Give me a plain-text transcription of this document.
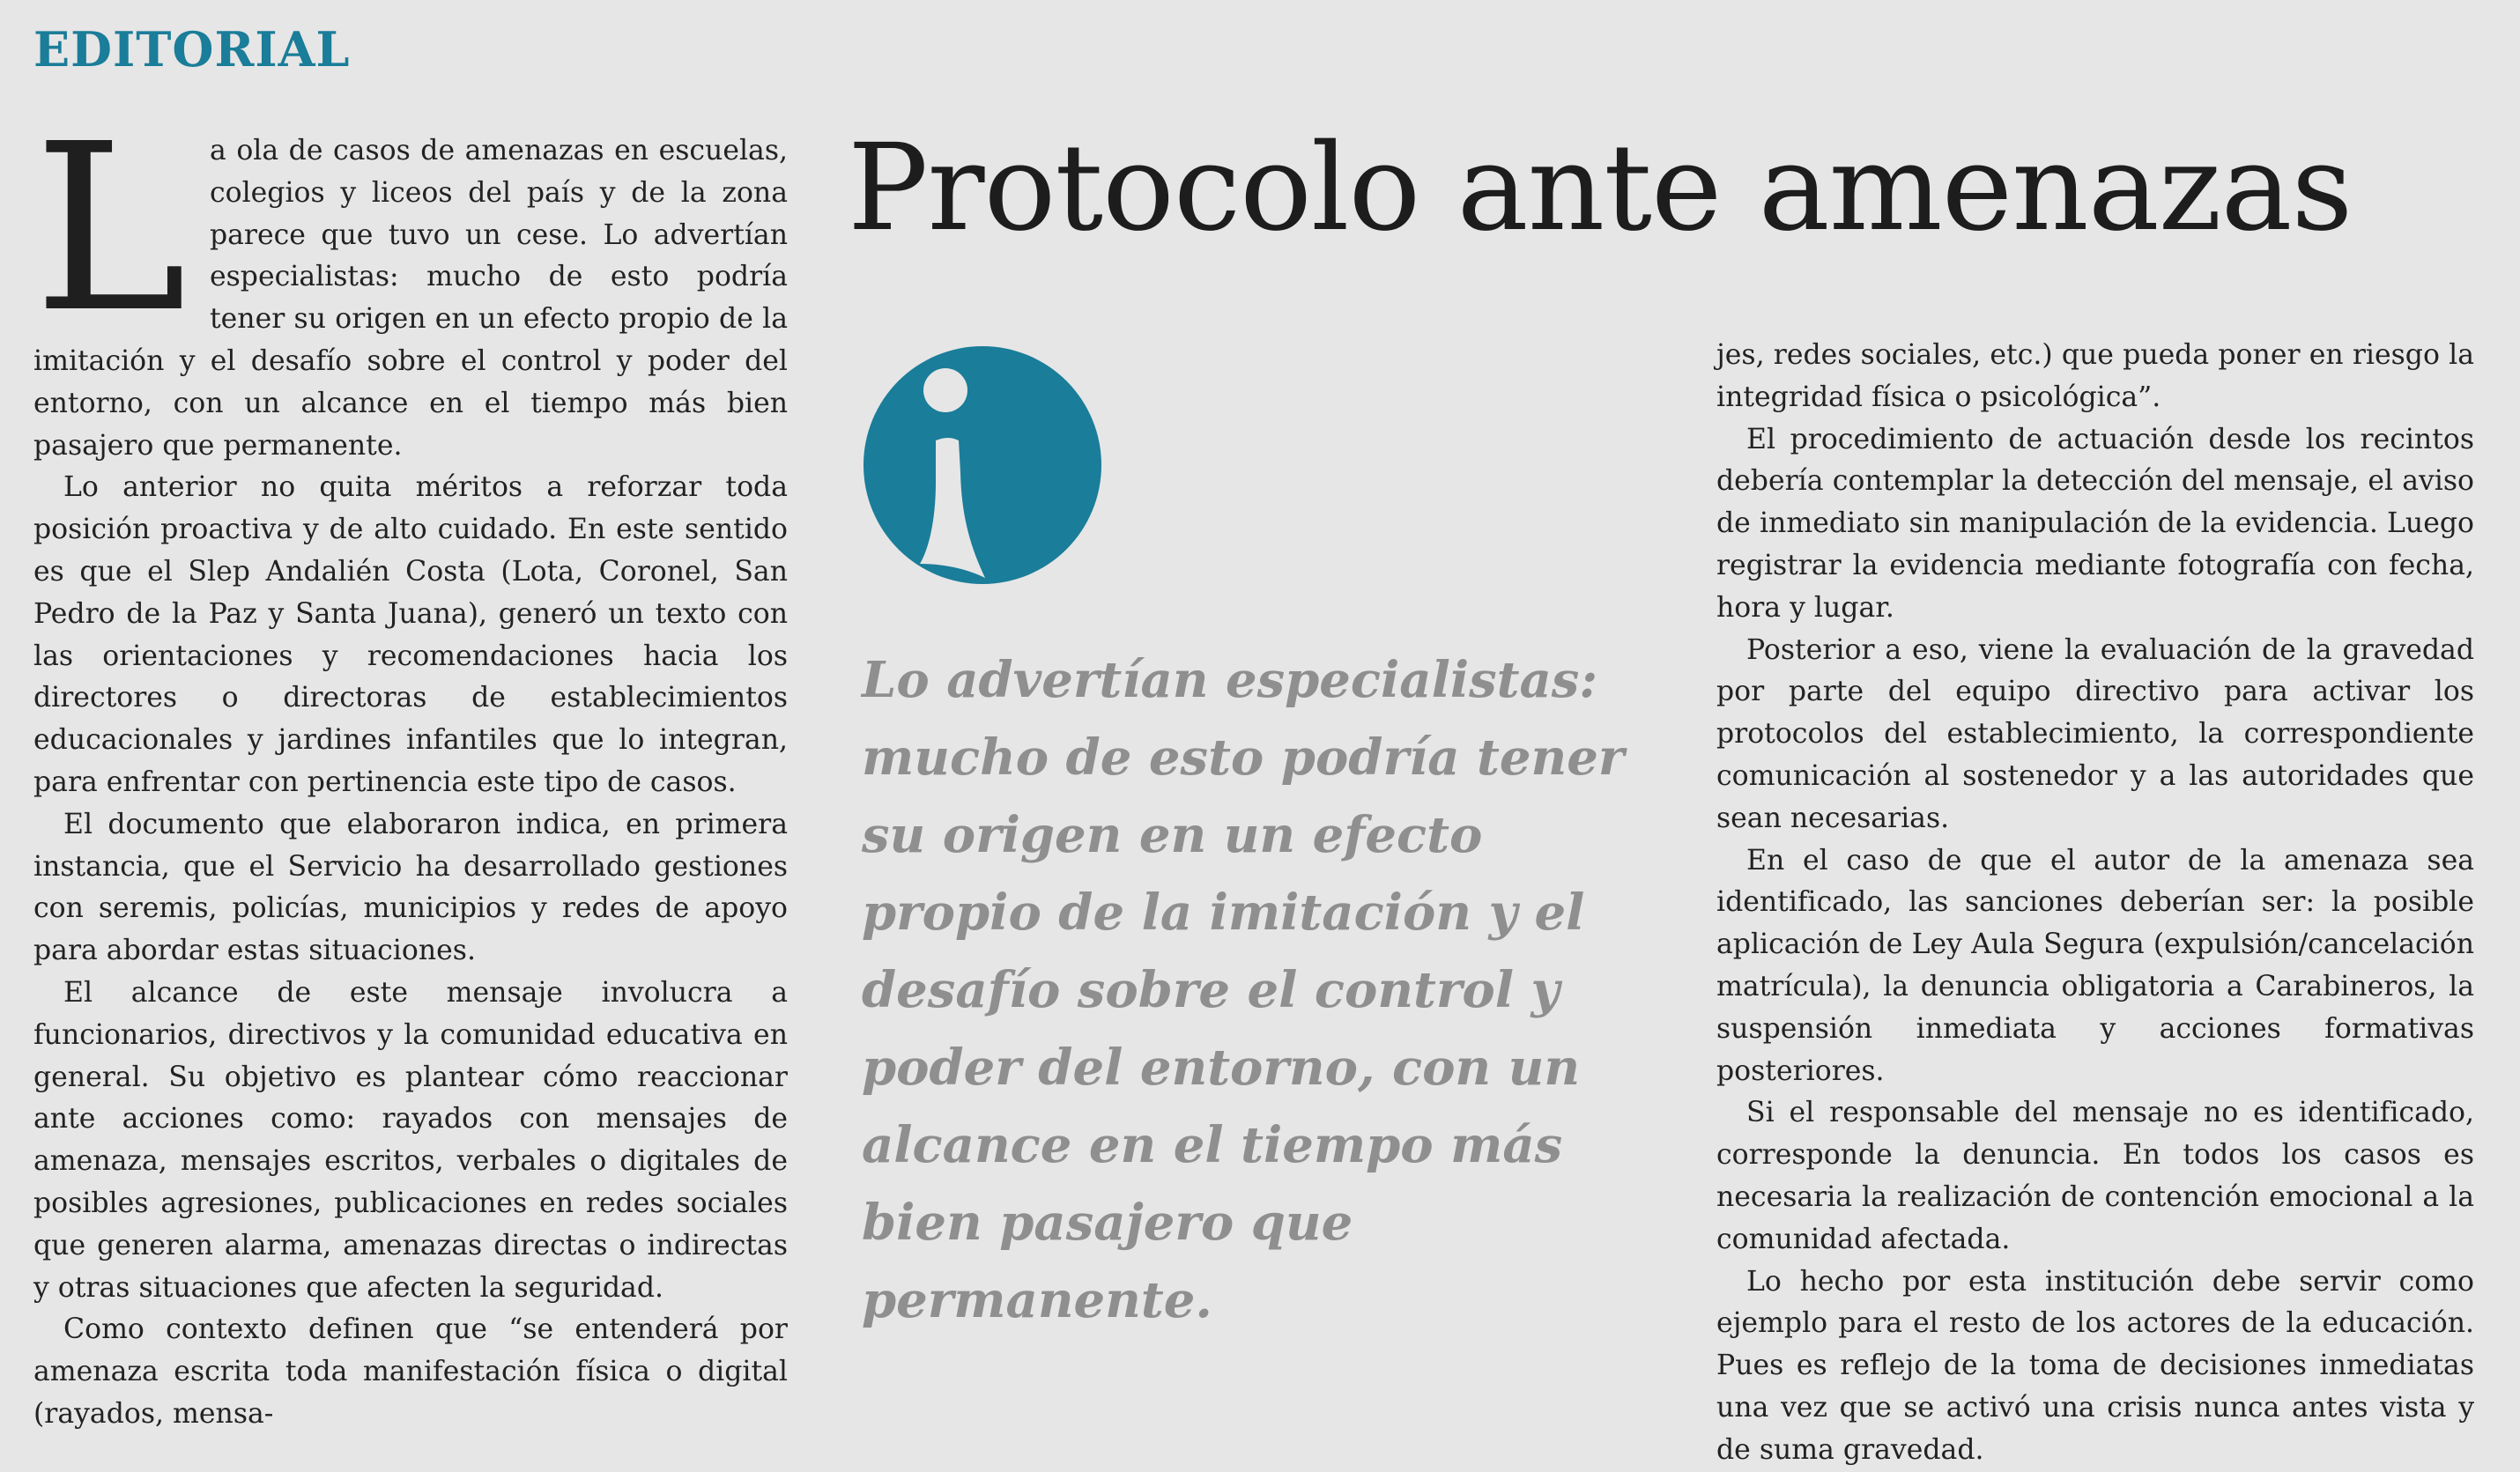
EDITORIAL

La ola de casos de amenazas en escuelas, colegios y liceos del país y de la zona parece que tuvo un cese. Lo advertían especialistas: mucho de esto podría tener su origen en un efecto propio de la imitación y el desafío sobre el control y poder del entorno, con un alcance en el tiempo más bien pasajero que permanente.

Lo anterior no quita méritos a reforzar toda posición proactiva y de alto cuidado. En este sentido es que el Slep Andalién Costa (Lota, Coronel, San Pedro de la Paz y Santa Juana), generó un texto con las orientaciones y recomendaciones hacia los directores o directoras de establecimientos educacionales y jardines infantiles que lo integran, para enfrentar con pertinencia este tipo de casos.

El documento que elaboraron indica, en primera instancia, que el Servicio ha desarrollado gestiones con seremis, policías, municipios y redes de apoyo para abordar estas situaciones.

El alcance de este mensaje involucra a funcionarios, directivos y la comunidad educativa en general. Su objetivo es plantear cómo reaccionar ante acciones como: rayados con mensajes de amenaza, mensajes escritos, verbales o digitales de posibles agresiones, publicaciones en redes sociales que generen alarma, amenazas directas o indirectas y otras situaciones que afecten la seguridad.

Como contexto definen que “se entenderá por amenaza escrita toda manifestación física o digital (rayados, mensa-

Protocolo ante amenazas

Lo advertían especialistas: mucho de esto podría tener su origen en un efecto propio de la imitación y el desafío sobre el control y poder del entorno, con un alcance en el tiempo más bien pasajero que permanente.

jes, redes sociales, etc.) que pueda poner en riesgo la integridad física o psicológica”.

El procedimiento de actuación desde los recintos debería contemplar la detección del mensaje, el aviso de inmediato sin manipulación de la evidencia. Luego registrar la evidencia mediante fotografía con fecha, hora y lugar.

Posterior a eso, viene la evaluación de la gravedad por parte del equipo directivo para activar los protocolos del establecimiento, la correspondiente comunicación al sostenedor y a las autoridades que sean necesarias.

En el caso de que el autor de la amenaza sea identificado, las sanciones deberían ser: la posible aplicación de Ley Aula Segura (expulsión/cancelación matrícula), la denuncia obligatoria a Carabineros, la suspensión inmediata y acciones formativas posteriores.

Si el responsable del mensaje no es identificado, corresponde la denuncia. En todos los casos es necesaria la realización de contención emocional a la comunidad afectada.

Lo hecho por esta institución debe servir como ejemplo para el resto de los actores de la educación. Pues es reflejo de la toma de decisiones inmediatas una vez que se activó una crisis nunca antes vista y de suma gravedad.
